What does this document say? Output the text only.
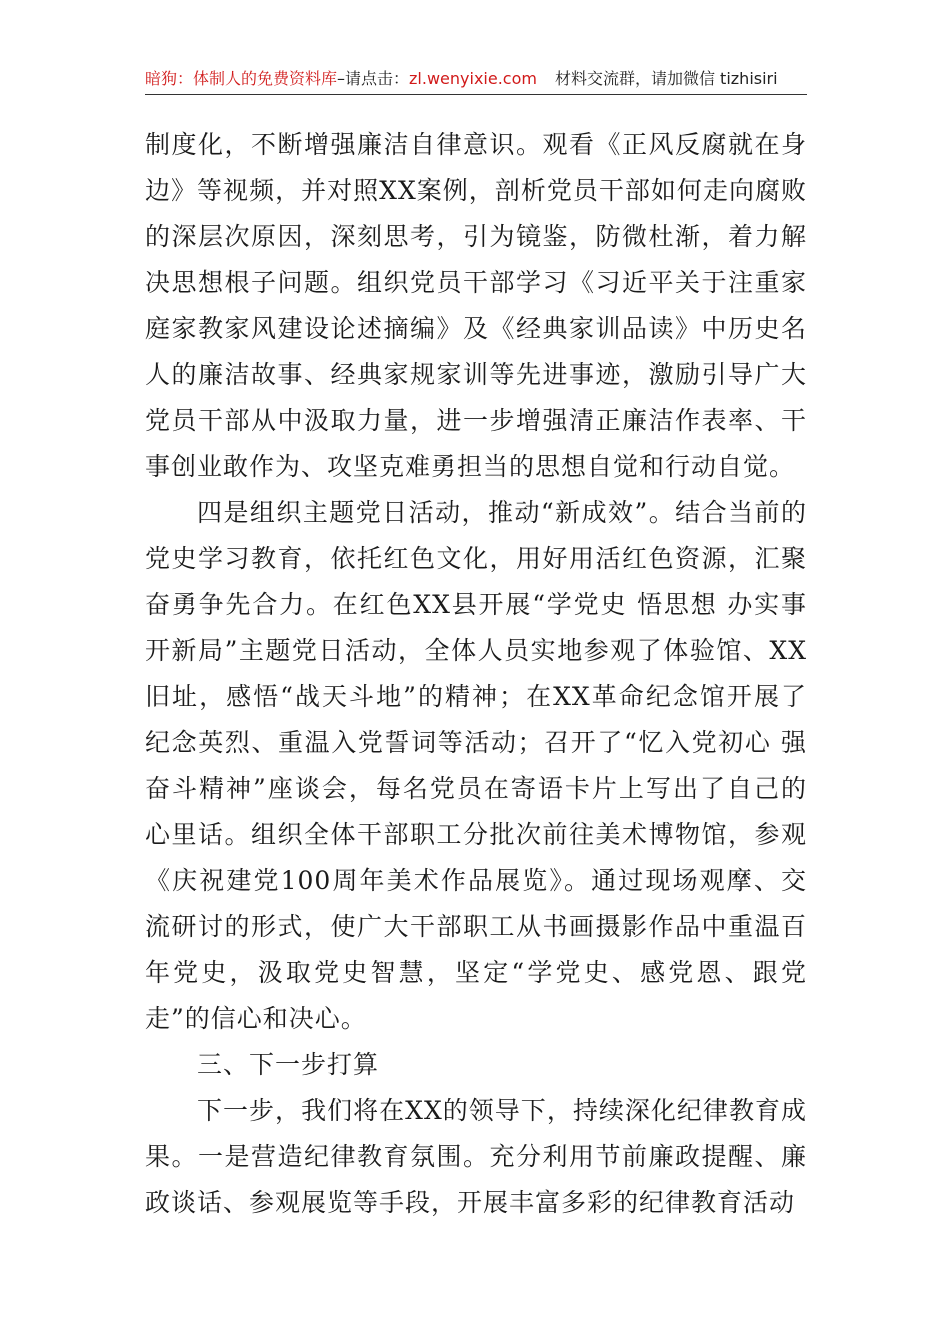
暗狗：体制人的免费资料库–请点击：zl.wenyixie.com 材料交流群，请加微信 tizhisiri

制度化，不断增强廉洁自律意识。观看《正风反腐就在身边》等视频，并对照XX案例，剖析党员干部如何走向腐败的深层次原因，深刻思考，引为镜鉴，防微杜渐，着力解决思想根子问题。组织党员干部学习《习近平关于注重家庭家教家风建设论述摘编》及《经典家训品读》中历史名人的廉洁故事、经典家规家训等先进事迹，激励引导广大党员干部从中汲取力量，进一步增强清正廉洁作表率、干事创业敢作为、攻坚克难勇担当的思想自觉和行动自觉。

四是组织主题党日活动，推动“新成效”。结合当前的党史学习教育，依托红色文化，用好用活红色资源，汇聚奋勇争先合力。在红色XX县开展“学党史 悟思想 办实事 开新局”主题党日活动，全体人员实地参观了体验馆、XX旧址，感悟“战天斗地”的精神；在XX革命纪念馆开展了纪念英烈、重温入党誓词等活动；召开了“忆入党初心 强奋斗精神”座谈会，每名党员在寄语卡片上写出了自己的心里话。组织全体干部职工分批次前往美术博物馆，参观《庆祝建党100周年美术作品展览》。通过现场观摩、交流研讨的形式，使广大干部职工从书画摄影作品中重温百年党史，汲取党史智慧，坚定“学党史、感党恩、跟党走”的信心和决心。

三、下一步打算

下一步，我们将在XX的领导下，持续深化纪律教育成果。一是营造纪律教育氛围。充分利用节前廉政提醒、廉政谈话、参观展览等手段，开展丰富多彩的纪律教育活动
